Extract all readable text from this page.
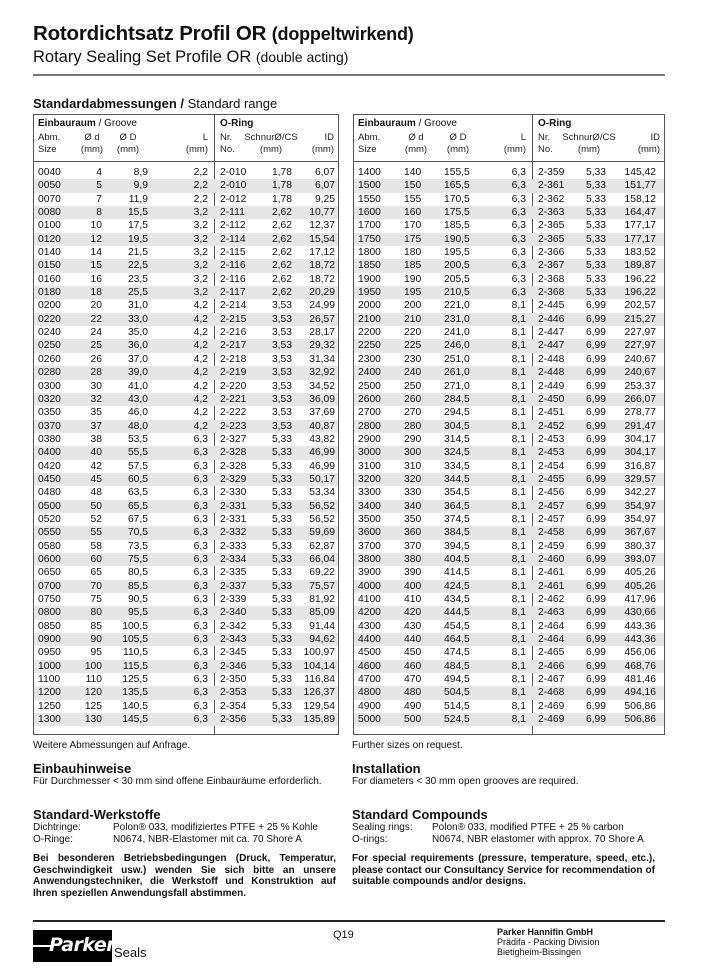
Rotordichtsatz Profil OR (doppeltwirkend)
Rotary Sealing Set Profile OR (double acting)
Standardabmessungen / Standard range
Einbauraum / Groove	O-Ring
Abm.
Size
Ø d
(mm)
Ø D
(mm)
L
(mm)
Nr.
No.
SchnurØ/CS
(mm)
ID
(mm)
0040	4	8,9	2,2 2-010	1,78	6,07
0050	5	9,9	2,2 2-010	1,78	6,07
0070	7	11,9	2,2 2-012	1,78	9,25
0080	8	15,5	3,2 2-111	2,62	10,77
0100	10	17,5	3,2 2-112	2,62	12,37
0120	12	19,5	3,2 2-114	2,62	15,54
0140	14	21,5	3,2 2-115	2,62	17,12
0150	15	22,5	3,2 2-116	2,62	18,72
0160	16	23,5	3,2 2-116	2,62	18,72
0180	18	25,5	3,2 2-117	2,62	20,29
0200	20	31,0	4,2 2-214	3,53	24,99
0220	22	33,0	4,2 2-215	3,53	26,57
0240	24	35,0	4,2 2-216	3,53	28,17
0250	25	36,0	4,2 2-217	3,53	29,32
0260	26	37,0	4,2 2-218	3,53	31,34
0280	28	39,0	4,2 2-219	3,53	32,92
0300	30	41,0	4,2 2-220	3,53	34,52
0320	32	43,0	4,2 2-221	3,53	36,09
0350	35	46,0	4,2 2-222	3,53	37,69
0370	37	48,0	4,2 2-223	3,53	40,87
0380	38	53,5	6,3 2-327	5,33	43,82
0400	40	55,5	6,3 2-328	5,33	46,99
0420	42	57,5	6,3 2-328	5,33	46,99
0450	45	60,5	6,3 2-329	5,33	50,17
0480	48	63,5	6,3 2-330	5,33	53,34
0500	50	65,5	6,3 2-331	5,33	56,52
0520	52	67,5	6,3 2-331	5,33	56,52
0550	55	70,5	6,3 2-332	5,33	59,69
0580	58	73,5	6,3 2-333	5,33	62,87
0600	60	75,5	6,3 2-334	5,33	66,04
0650	65	80,5	6,3 2-335	5,33	69,22
0700	70	85,5	6,3 2-337	5,33	75,57
0750	75	90,5	6,3 2-339	5,33	81,92
0800	80	95,5	6,3 2-340	5,33	85,09
0850	85	100,5	6,3 2-342	5,33	91,44
0900	90	105,5	6,3 2-343	5,33	94,62
0950	95	110,5	6,3 2-345	5,33	100,97
1000	100	115,5	6,3 2-346	5,33	104,14
1100	110	125,5	6,3 2-350	5,33	116,84
1200	120	135,5	6,3 2-353	5,33	126,37
1250	125	140,5	6,3 2-354	5,33	129,54
1300	130	145,5	6,3 2-356	5,33	135,89
Einbauraum / Groove	O-Ring
Abm.
Size
Ø d
(mm)
Ø D
(mm)
L
(mm)
Nr.
No.
SchnurØ/CS
(mm)
ID
(mm)
1400	140	155,5	6,3 2-359	5,33	145,42
1500	150	165,5	6,3 2-361	5,33	151,77
1550	155	170,5	6,3 2-362	5,33	158,12
1600	160	175,5	6,3 2-363	5,33	164,47
1700	170	185,5	6,3 2-365	5,33	177,17
1750	175	190,5	6,3 2-365	5,33	177,17
1800	180	195,5	6,3 2-366	5,33	183,52
1850	185	200,5	6,3 2-367	5,33	189,87
1900	190	205,5	6,3 2-368	5,33	196,22
1950	195	210,5	6,3 2-368	5,33	196,22
2000	200	221,0	8,1 2-445	6,99	202,57
2100	210	231,0	8,1 2-446	6,99	215,27
2200	220	241,0	8,1 2-447	6,99	227,97
2250	225	246,0	8,1 2-447	6,99	227,97
2300	230	251,0	8,1 2-448	6,99	240,67
2400	240	261,0	8,1 2-448	6,99	240,67
2500	250	271,0	8,1 2-449	6,99	253,37
2600	260	284,5	8,1 2-450	6,99	266,07
2700	270	294,5	8,1 2-451	6,99	278,77
2800	280	304,5	8,1 2-452	6,99	291,47
2900	290	314,5	8,1 2-453	6,99	304,17
3000	300	324,5	8,1 2-453	6,99	304,17
3100	310	334,5	8,1 2-454	6,99	316,87
3200	320	344,5	8,1 2-455	6,99	329,57
3300	330	354,5	8,1 2-456	6,99	342,27
3400	340	364,5	8,1 2-457	6,99	354,97
3500	350	374,5	8,1 2-457	6,99	354,97
3600	360	384,5	8,1 2-458	6,99	367,67
3700	370	394,5	8,1 2-459	6,99	380,37
3800	380	404,5	8,1 2-460	6,99	393,07
3900	390	414,5	8,1 2-461	6,99	405,26
4000	400	424,5	8,1 2-461	6,99	405,26
4100	410	434,5	8,1 2-462	6,99	417,96
4200	420	444,5	8,1 2-463	6,99	430,66
4300	430	454,5	8,1 2-464	6,99	443,36
4400	440	464,5	8,1 2-464	6,99	443,36
4500	450	474,5	8,1 2-465	6,99	456,06
4600	460	484,5	8,1 2-466	6,99	468,76
4700	470	494,5	8,1 2-467	6,99	481,46
4800	480	504,5	8,1 2-468	6,99	494,16
4900	490	514,5	8,1 2-469	6,99	506,86
5000	500	524,5	8,1 2-469	6,99	506,86
Weitere Abmessungen auf Anfrage.
Einbauhinweise
Für Durchmesser < 30 mm sind offene Einbauräume erforderlich.
Standard-Werkstoffe
Dichtringe:	Polon® 033, modifiziertes PTFE + 25 % Kohle
O-Ringe:	N0674, NBR-Elastomer mit ca. 70 Shore A
Bei besonderen Betriebsbedingungen (Druck, Temperatur, Geschwindigkeit usw.) wenden Sie sich bitte an unsere Anwendungstechniker, die Werkstoff und Konstruktion auf Ihren speziellen Anwendungsfall abstimmen.
Further sizes on request.
Installation
For diameters < 30 mm open grooves are required.
Standard Compounds
Sealing rings: Polon® 033, modified PTFE + 25 % carbon
O-rings:	N0674, NBR elastomer with approx. 70 Shore A
For special requirements (pressure, temperature, speed, etc.), please contact our Consultancy Service for recommendation of suitable compounds and/or designs.
Parker
Seals
Q19	Parker Hannifin GmbH
Prädifa - Packing Division
Bietigheim-Bissingen
